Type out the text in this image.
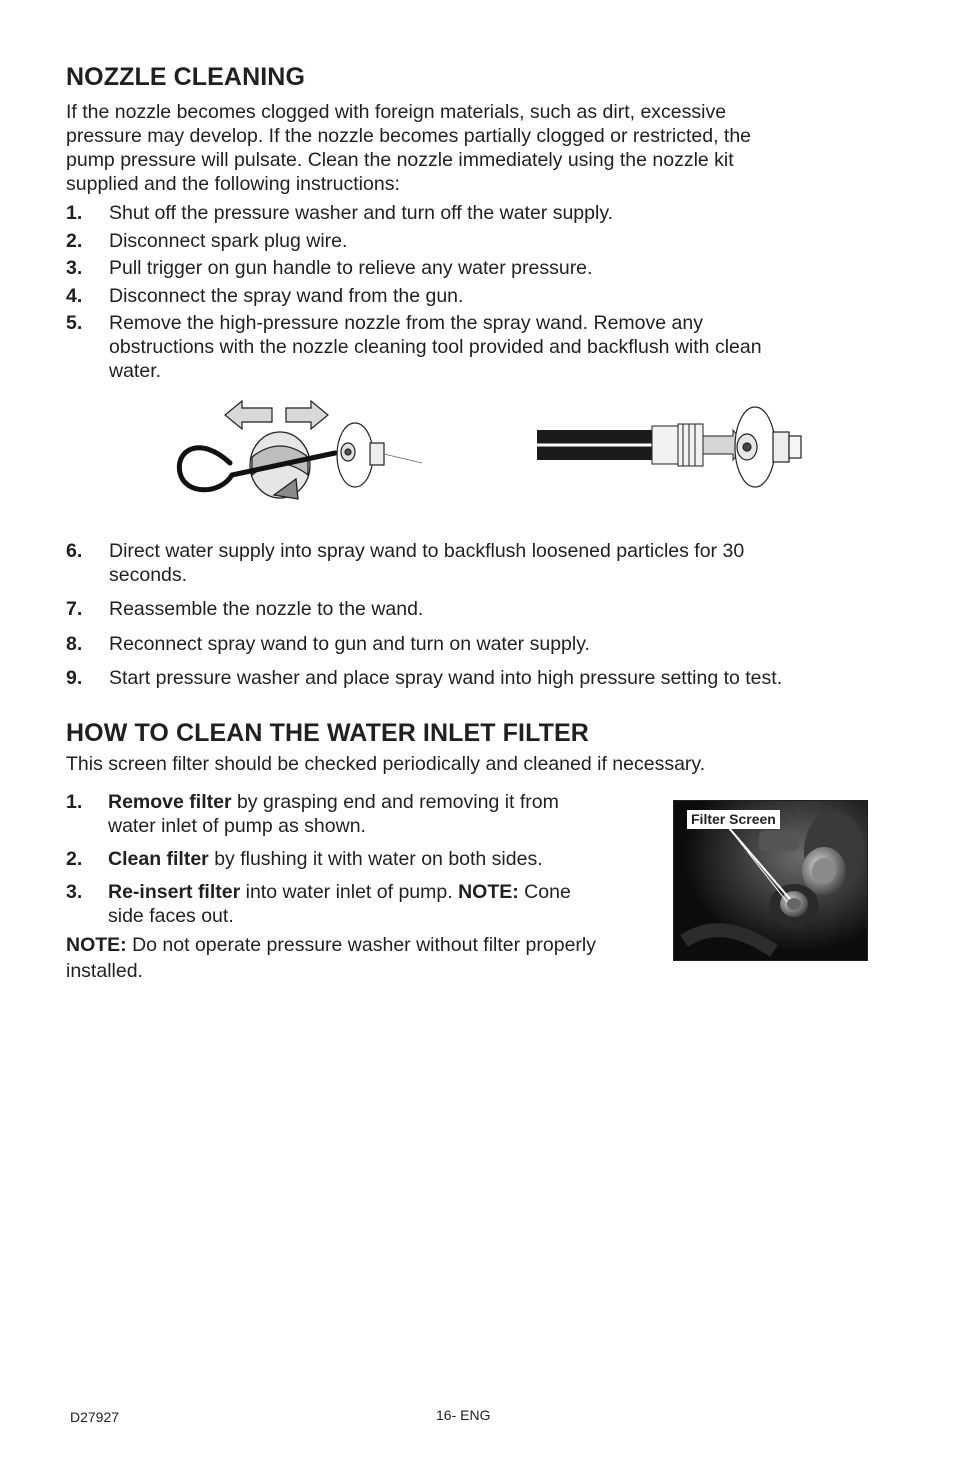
NOZZLE CLEANING
If the nozzle becomes clogged with foreign materials, such as dirt, excessive
pressure may develop. If the nozzle becomes partially clogged or restricted, the
pump pressure will pulsate. Clean the nozzle immediately using the nozzle kit
supplied and the following instructions:
1. Shut off the pressure washer and turn off the water supply.
2. Disconnect spark plug wire.
3. Pull trigger on gun handle to relieve any water pressure.
4. Disconnect the spray wand from the gun.
5. Remove the high-pressure nozzle from the spray wand. Remove any
obstructions with the nozzle cleaning tool provided and backflush with clean
water.
6. Direct water supply into spray wand to backflush loosened particles for 30
seconds.
7. Reassemble the nozzle to the wand.
8. Reconnect spray wand to gun and turn on water supply.
9. Start pressure washer and place spray wand into high pressure setting to test.
HOW TO CLEAN THE WATER INLET FILTER
This screen filter should be checked periodically and cleaned if necessary.
1. Remove filter by grasping end and removing it from
water inlet of pump as shown.
2. Clean filter by flushing it with water on both sides.
3. Re-insert filter into water inlet of pump. NOTE: Cone
side faces out.
NOTE: Do not operate pressure washer without filter properly
installed.
Filter Screen
D27927	16- ENG
